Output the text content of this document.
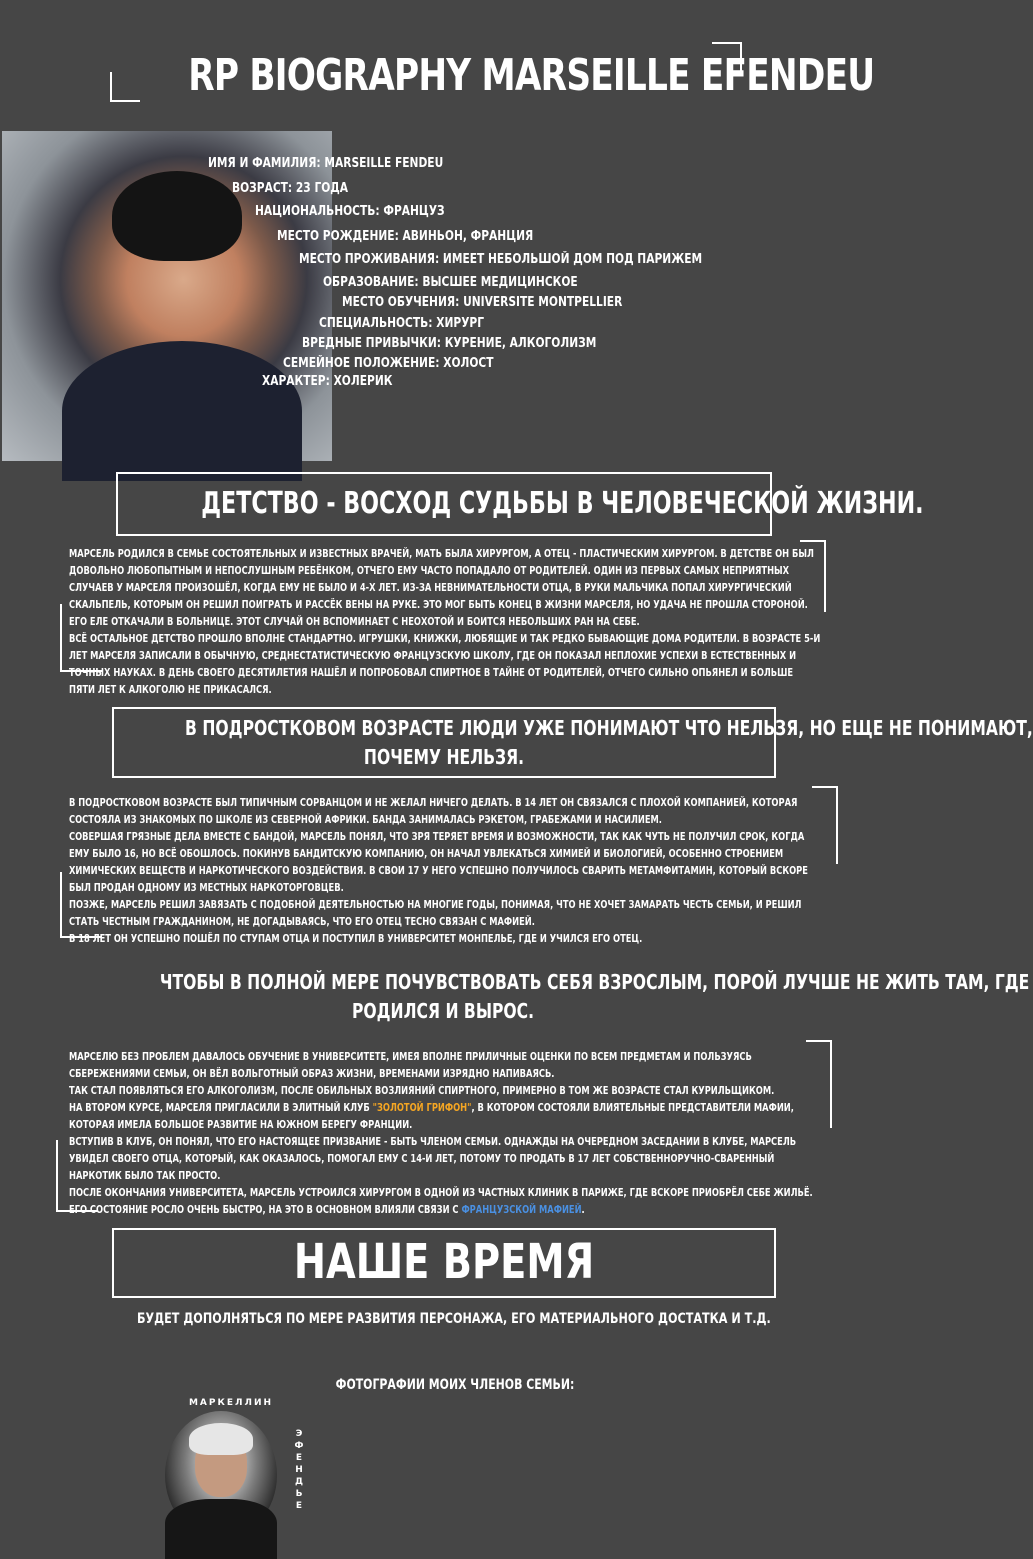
RP BIOGRAPHY MARSEILLE EFENDEU
ИМЯ И ФАМИЛИЯ: MARSEILLE FENDEU
ВОЗРАСТ: 23 ГОДА
НАЦИОНАЛЬНОСТЬ: ФРАНЦУЗ
МЕСТО РОЖДЕНИЕ: АВИНЬОН, ФРАНЦИЯ
МЕСТО ПРОЖИВАНИЯ: ИМЕЕТ НЕБОЛЬШОЙ ДОМ ПОД ПАРИЖЕМ
ОБРАЗОВАНИЕ: ВЫСШЕЕ МЕДИЦИНСКОЕ
МЕСТО ОБУЧЕНИЯ: UNIVERSITE MONTPELLIER
СПЕЦИАЛЬНОСТЬ: ХИРУРГ
ВРЕДНЫЕ ПРИВЫЧКИ: КУРЕНИЕ, АЛКОГОЛИЗМ
СЕМЕЙНОЕ ПОЛОЖЕНИЕ: ХОЛОСТ
ХАРАКТЕР: ХОЛЕРИК
ДЕТСТВО - ВОСХОД СУДЬБЫ В ЧЕЛОВЕЧЕСКОЙ ЖИЗНИ.

МАРСЕЛЬ РОДИЛСЯ В СЕМЬЕ СОСТОЯТЕЛЬНЫХ И ИЗВЕСТНЫХ ВРАЧЕЙ, МАТЬ БЫЛА ХИРУРГОМ, А ОТЕЦ - ПЛАСТИЧЕСКИМ ХИРУРГОМ. В ДЕТСТВЕ ОН БЫЛ ДОВОЛЬНО ЛЮБОПЫТНЫМ И НЕПОСЛУШНЫМ РЕБЁНКОМ, ОТЧЕГО ЕМУ ЧАСТО ПОПАДАЛО ОТ РОДИТЕЛЕЙ. ОДИН ИЗ ПЕРВЫХ САМЫХ НЕПРИЯТНЫХ СЛУЧАЕВ У МАРСЕЛЯ ПРОИЗОШЁЛ, КОГДА ЕМУ НЕ БЫЛО И 4-Х ЛЕТ. ИЗ-ЗА НЕВНИМАТЕЛЬНОСТИ ОТЦА, В РУКИ МАЛЬЧИКА ПОПАЛ ХИРУРГИЧЕСКИЙ СКАЛЬПЕЛЬ, КОТОРЫМ ОН РЕШИЛ ПОИГРАТЬ И РАССЁК ВЕНЫ НА РУКЕ. ЭТО МОГ БЫТЬ КОНЕЦ В ЖИЗНИ МАРСЕЛЯ, НО УДАЧА НЕ ПРОШЛА СТОРОНОЙ. ЕГО ЕЛЕ ОТКАЧАЛИ В БОЛЬНИЦЕ. ЭТОТ СЛУЧАЙ ОН ВСПОМИНАЕТ С НЕОХОТОЙ И БОИТСЯ НЕБОЛЬШИХ РАН НА СЕБЕ.

ВСЁ ОСТАЛЬНОЕ ДЕТСТВО ПРОШЛО ВПОЛНЕ СТАНДАРТНО. ИГРУШКИ, КНИЖКИ, ЛЮБЯЩИЕ И ТАК РЕДКО БЫВАЮЩИЕ ДОМА РОДИТЕЛИ. В ВОЗРАСТЕ 5-И ЛЕТ МАРСЕЛЯ ЗАПИСАЛИ В ОБЫЧНУЮ, СРЕДНЕСТАТИСТИЧЕСКУЮ ФРАНЦУЗСКУЮ ШКОЛУ, ГДЕ ОН ПОКАЗАЛ НЕПЛОХИЕ УСПЕХИ В ЕСТЕСТВЕННЫХ И ТОЧНЫХ НАУКАХ. В ДЕНЬ СВОЕГО ДЕСЯТИЛЕТИЯ НАШЁЛ И ПОПРОБОВАЛ СПИРТНОЕ В ТАЙНЕ ОТ РОДИТЕЛЕЙ, ОТЧЕГО СИЛЬНО ОПЬЯНЕЛ И БОЛЬШЕ ПЯТИ ЛЕТ К АЛКОГОЛЮ НЕ ПРИКАСАЛСЯ.

В ПОДРОСТКОВОМ ВОЗРАСТЕ ЛЮДИ УЖЕ ПОНИМАЮТ ЧТО НЕЛЬЗЯ, НО ЕЩЕ НЕ ПОНИМАЮТ,
ПОЧЕМУ НЕЛЬЗЯ.

В ПОДРОСТКОВОМ ВОЗРАСТЕ БЫЛ ТИПИЧНЫМ СОРВАНЦОМ И НЕ ЖЕЛАЛ НИЧЕГО ДЕЛАТЬ. В 14 ЛЕТ ОН СВЯЗАЛСЯ С ПЛОХОЙ КОМПАНИЕЙ, КОТОРАЯ СОСТОЯЛА ИЗ ЗНАКОМЫХ ПО ШКОЛЕ ИЗ СЕВЕРНОЙ АФРИКИ. БАНДА ЗАНИМАЛАСЬ РЭКЕТОМ, ГРАБЕЖАМИ И НАСИЛИЕМ.

СОВЕРШАЯ ГРЯЗНЫЕ ДЕЛА ВМЕСТЕ С БАНДОЙ, МАРСЕЛЬ ПОНЯЛ, ЧТО ЗРЯ ТЕРЯЕТ ВРЕМЯ И ВОЗМОЖНОСТИ, ТАК КАК ЧУТЬ НЕ ПОЛУЧИЛ СРОК, КОГДА ЕМУ БЫЛО 16, НО ВСЁ ОБОШЛОСЬ. ПОКИНУВ БАНДИТСКУЮ КОМПАНИЮ, ОН НАЧАЛ УВЛЕКАТЬСЯ ХИМИЕЙ И БИОЛОГИЕЙ, ОСОБЕННО СТРОЕНИЕМ ХИМИЧЕСКИХ ВЕЩЕСТВ И НАРКОТИЧЕСКОГО ВОЗДЕЙСТВИЯ. В СВОИ 17 У НЕГО УСПЕШНО ПОЛУЧИЛОСЬ СВАРИТЬ МЕТАМФИТАМИН, КОТОРЫЙ ВСКОРЕ БЫЛ ПРОДАН ОДНОМУ ИЗ МЕСТНЫХ НАРКОТОРГОВЦЕВ.

ПОЗЖЕ, МАРСЕЛЬ РЕШИЛ ЗАВЯЗАТЬ С ПОДОБНОЙ ДЕЯТЕЛЬНОСТЬЮ НА МНОГИЕ ГОДЫ, ПОНИМАЯ, ЧТО НЕ ХОЧЕТ ЗАМАРАТЬ ЧЕСТЬ СЕМЬИ, И РЕШИЛ СТАТЬ ЧЕСТНЫМ ГРАЖДАНИНОМ, НЕ ДОГАДЫВАЯСЬ, ЧТО ЕГО ОТЕЦ ТЕСНО СВЯЗАН С МАФИЕЙ.

В 18 ЛЕТ ОН УСПЕШНО ПОШЁЛ ПО СТУПАМ ОТЦА И ПОСТУПИЛ В УНИВЕРСИТЕТ МОНПЕЛЬЕ, ГДЕ И УЧИЛСЯ ЕГО ОТЕЦ.

ЧТОБЫ В ПОЛНОЙ МЕРЕ ПОЧУВСТВОВАТЬ СЕБЯ ВЗРОСЛЫМ, ПОРОЙ ЛУЧШЕ НЕ ЖИТЬ ТАМ, ГДЕ
РОДИЛСЯ И ВЫРОС.

МАРСЕЛЮ БЕЗ ПРОБЛЕМ ДАВАЛОСЬ ОБУЧЕНИЕ В УНИВЕРСИТЕТЕ, ИМЕЯ ВПОЛНЕ ПРИЛИЧНЫЕ ОЦЕНКИ ПО ВСЕМ ПРЕДМЕТАМ И ПОЛЬЗУЯСЬ СБЕРЕЖЕНИЯМИ СЕМЬИ, ОН ВЁЛ ВОЛЬГОТНЫЙ ОБРАЗ ЖИЗНИ, ВРЕМЕНАМИ ИЗРЯДНО НАПИВАЯСЬ.

ТАК СТАЛ ПОЯВЛЯТЬСЯ ЕГО АЛКОГОЛИЗМ, ПОСЛЕ ОБИЛЬНЫХ ВОЗЛИЯНИЙ СПИРТНОГО, ПРИМЕРНО В ТОМ ЖЕ ВОЗРАСТЕ СТАЛ КУРИЛЬЩИКОМ.

НА ВТОРОМ КУРСЕ, МАРСЕЛЯ ПРИГЛАСИЛИ В ЭЛИТНЫЙ КЛУБ "ЗОЛОТОЙ ГРИФОН", В КОТОРОМ СОСТОЯЛИ ВЛИЯТЕЛЬНЫЕ ПРЕДСТАВИТЕЛИ МАФИИ, КОТОРАЯ ИМЕЛА БОЛЬШОЕ РАЗВИТИЕ НА ЮЖНОМ БЕРЕГУ ФРАНЦИИ.

ВСТУПИВ В КЛУБ, ОН ПОНЯЛ, ЧТО ЕГО НАСТОЯЩЕЕ ПРИЗВАНИЕ - БЫТЬ ЧЛЕНОМ СЕМЬИ. ОДНАЖДЫ НА ОЧЕРЕДНОМ ЗАСЕДАНИИ В КЛУБЕ, МАРСЕЛЬ УВИДЕЛ СВОЕГО ОТЦА, КОТОРЫЙ, КАК ОКАЗАЛОСЬ, ПОМОГАЛ ЕМУ С 14-И ЛЕТ, ПОТОМУ ТО ПРОДАТЬ В 17 ЛЕТ СОБСТВЕННОРУЧНО-СВАРЕННЫЙ НАРКОТИК БЫЛО ТАК ПРОСТО.

ПОСЛЕ ОКОНЧАНИЯ УНИВЕРСИТЕТА, МАРСЕЛЬ УСТРОИЛСЯ ХИРУРГОМ В ОДНОЙ ИЗ ЧАСТНЫХ КЛИНИК В ПАРИЖЕ, ГДЕ ВСКОРЕ ПРИОБРЁЛ СЕБЕ ЖИЛЬЁ. ЕГО СОСТОЯНИЕ РОСЛО ОЧЕНЬ БЫСТРО, НА ЭТО В ОСНОВНОМ ВЛИЯЛИ СВЯЗИ С ФРАНЦУЗСКОЙ МАФИЕЙ.

НАШЕ ВРЕМЯ
БУДЕТ ДОПОЛНЯТЬСЯ ПО МЕРЕ РАЗВИТИЯ ПЕРСОНАЖА, ЕГО МАТЕРИАЛЬНОГО ДОСТАТКА И Т.Д.
ФОТОГРАФИИ МОИХ ЧЛЕНОВ СЕМЬИ:
МАРКЕЛЛИН
Э
Ф
Е
Н
Д
Ь
Е
